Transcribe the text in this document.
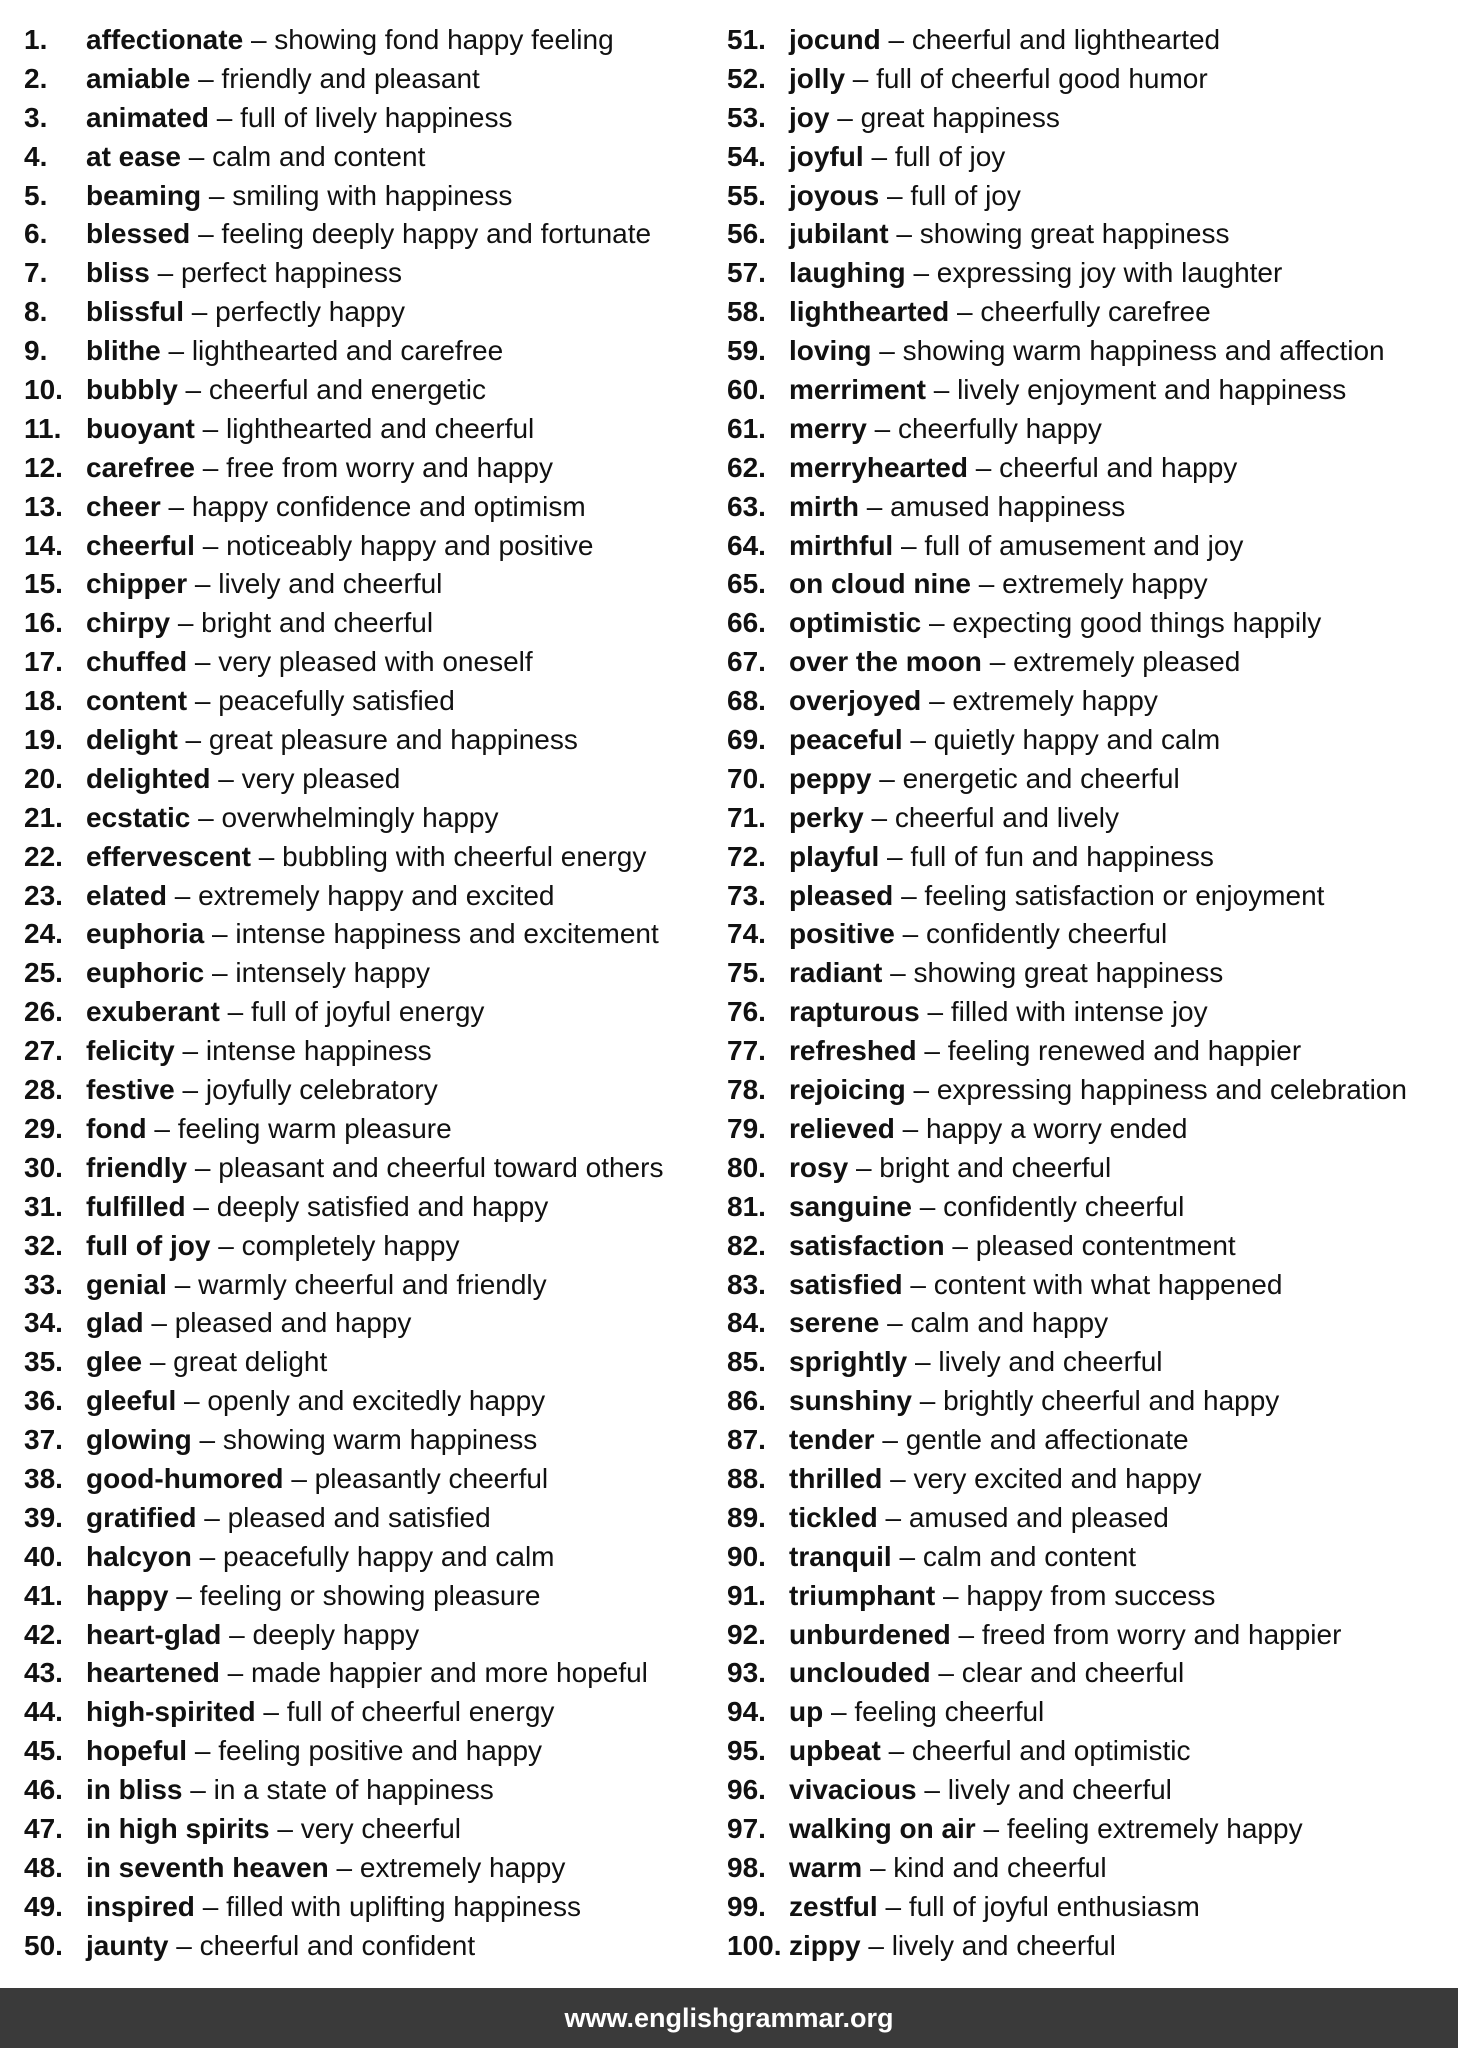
1. affectionate – showing fond happy feeling
2. amiable – friendly and pleasant
3. animated – full of lively happiness
4. at ease – calm and content
5. beaming – smiling with happiness
6. blessed – feeling deeply happy and fortunate
7. bliss – perfect happiness
8. blissful – perfectly happy
9. blithe – lighthearted and carefree
10. bubbly – cheerful and energetic
11. buoyant – lighthearted and cheerful
12. carefree – free from worry and happy
13. cheer – happy confidence and optimism
14. cheerful – noticeably happy and positive
15. chipper – lively and cheerful
16. chirpy – bright and cheerful
17. chuffed – very pleased with oneself
18. content – peacefully satisfied
19. delight – great pleasure and happiness
20. delighted – very pleased
21. ecstatic – overwhelmingly happy
22. effervescent – bubbling with cheerful energy
23. elated – extremely happy and excited
24. euphoria – intense happiness and excitement
25. euphoric – intensely happy
26. exuberant – full of joyful energy
27. felicity – intense happiness
28. festive – joyfully celebratory
29. fond – feeling warm pleasure
30. friendly – pleasant and cheerful toward others
31. fulfilled – deeply satisfied and happy
32. full of joy – completely happy
33. genial – warmly cheerful and friendly
34. glad – pleased and happy
35. glee – great delight
36. gleeful – openly and excitedly happy
37. glowing – showing warm happiness
38. good-humored – pleasantly cheerful
39. gratified – pleased and satisfied
40. halcyon – peacefully happy and calm
41. happy – feeling or showing pleasure
42. heart-glad – deeply happy
43. heartened – made happier and more hopeful
44. high-spirited – full of cheerful energy
45. hopeful – feeling positive and happy
46. in bliss – in a state of happiness
47. in high spirits – very cheerful
48. in seventh heaven – extremely happy
49. inspired – filled with uplifting happiness
50. jaunty – cheerful and confident
51. jocund – cheerful and lighthearted
52. jolly – full of cheerful good humor
53. joy – great happiness
54. joyful – full of joy
55. joyous – full of joy
56. jubilant – showing great happiness
57. laughing – expressing joy with laughter
58. lighthearted – cheerfully carefree
59. loving – showing warm happiness and affection
60. merriment – lively enjoyment and happiness
61. merry – cheerfully happy
62. merryhearted – cheerful and happy
63. mirth – amused happiness
64. mirthful – full of amusement and joy
65. on cloud nine – extremely happy
66. optimistic – expecting good things happily
67. over the moon – extremely pleased
68. overjoyed – extremely happy
69. peaceful – quietly happy and calm
70. peppy – energetic and cheerful
71. perky – cheerful and lively
72. playful – full of fun and happiness
73. pleased – feeling satisfaction or enjoyment
74. positive – confidently cheerful
75. radiant – showing great happiness
76. rapturous – filled with intense joy
77. refreshed – feeling renewed and happier
78. rejoicing – expressing happiness and celebration
79. relieved – happy a worry ended
80. rosy – bright and cheerful
81. sanguine – confidently cheerful
82. satisfaction – pleased contentment
83. satisfied – content with what happened
84. serene – calm and happy
85. sprightly – lively and cheerful
86. sunshiny – brightly cheerful and happy
87. tender – gentle and affectionate
88. thrilled – very excited and happy
89. tickled – amused and pleased
90. tranquil – calm and content
91. triumphant – happy from success
92. unburdened – freed from worry and happier
93. unclouded – clear and cheerful
94. up – feeling cheerful
95. upbeat – cheerful and optimistic
96. vivacious – lively and cheerful
97. walking on air – feeling extremely happy
98. warm – kind and cheerful
99. zestful – full of joyful enthusiasm
100. zippy – lively and cheerful
www.englishgrammar.org
